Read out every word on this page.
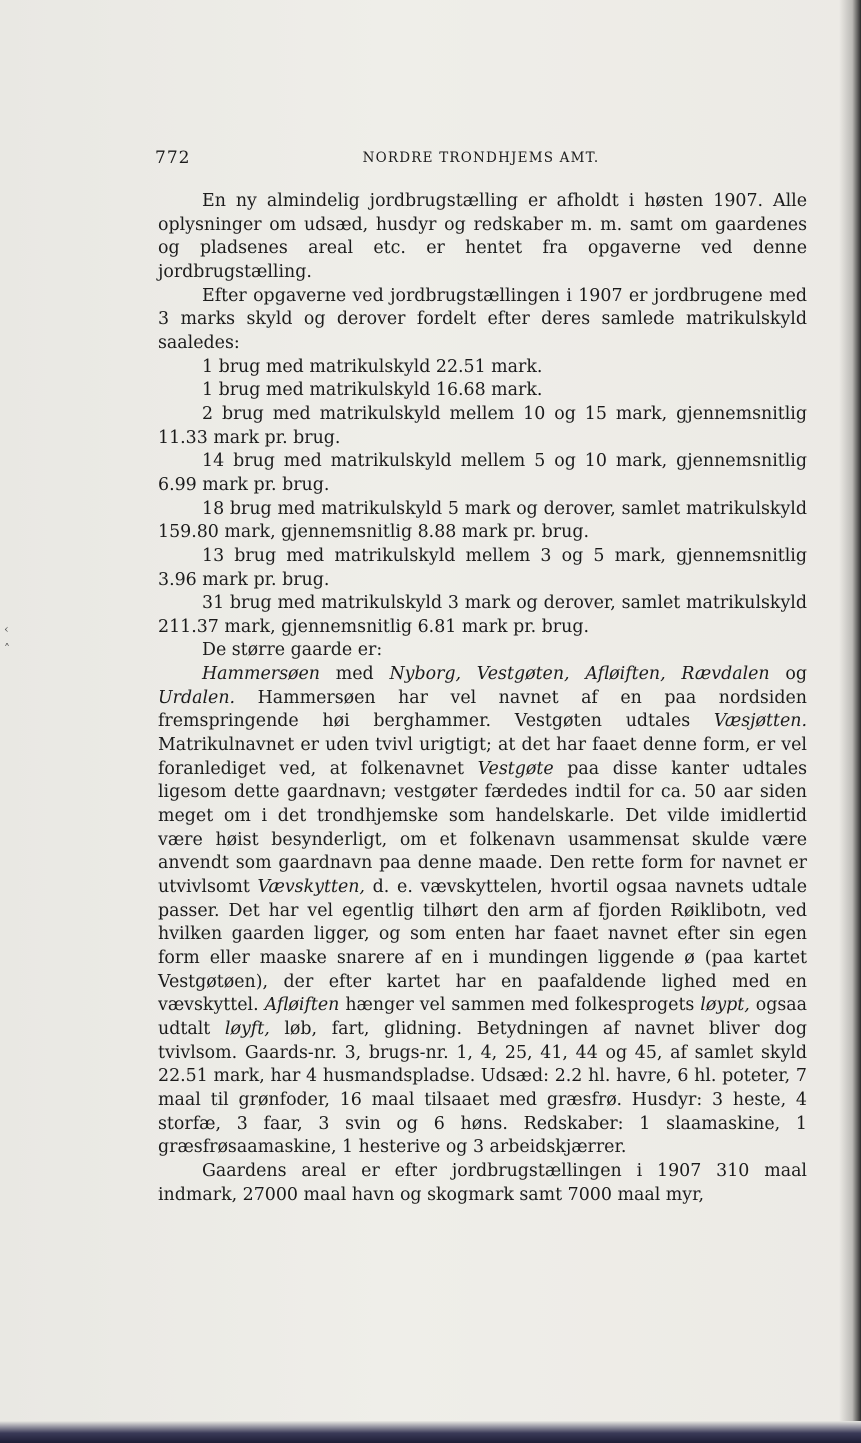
‹
˄
772	NORDRE TRONDHJEMS AMT.

En ny almindelig jordbrugstælling er afholdt i høsten 1907. Alle oplysninger om udsæd, husdyr og redskaber m. m. samt om gaardenes og pladsenes areal etc. er hentet fra opgaverne ved denne jordbrugstælling.

Efter opgaverne ved jordbrugstællingen i 1907 er jordbrugene med 3 marks skyld og derover fordelt efter deres samlede matrikulskyld saaledes:

1 brug med matrikulskyld 22.51 mark.

1 brug med matrikulskyld 16.68 mark.

2 brug med matrikulskyld mellem 10 og 15 mark, gjennemsnitlig 11.33 mark pr. brug.

14 brug med matrikulskyld mellem 5 og 10 mark, gjennemsnitlig 6.99 mark pr. brug.

18 brug med matrikulskyld 5 mark og derover, samlet matrikulskyld 159.80 mark, gjennemsnitlig 8.88 mark pr. brug.

13 brug med matrikulskyld mellem 3 og 5 mark, gjennemsnitlig 3.96 mark pr. brug.

31 brug med matrikulskyld 3 mark og derover, samlet matrikulskyld 211.37 mark, gjennemsnitlig 6.81 mark pr. brug.

De større gaarde er:

Hammersøen med Nyborg, Vestgøten, Afløiften, Rævdalen og Urdalen. Hammersøen har vel navnet af en paa nordsiden fremspringende høi berghammer. Vestgøten udtales Væsjøtten. Matrikulnavnet er uden tvivl urigtigt; at det har faaet denne form, er vel foranlediget ved, at folkenavnet Vestgøte paa disse kanter udtales ligesom dette gaardnavn; vestgøter færdedes indtil for ca. 50 aar siden meget om i det trondhjemske som handelskarle. Det vilde imidlertid være høist besynderligt, om et folkenavn usammensat skulde være anvendt som gaardnavn paa denne maade. Den rette form for navnet er utvivlsomt Vævskytten, d. e. vævskyttelen, hvortil ogsaa navnets udtale passer. Det har vel egentlig tilhørt den arm af fjorden Røiklibotn, ved hvilken gaarden ligger, og som enten har faaet navnet efter sin egen form eller maaske snarere af en i mundingen liggende ø (paa kartet Vestgøtøen), der efter kartet har en paafaldende lighed med en vævskyttel. Afløiften hænger vel sammen med folkesprogets løypt, ogsaa udtalt løyft, løb, fart, glidning. Betydningen af navnet bliver dog tvivlsom. Gaards-nr. 3, brugs-nr. 1, 4, 25, 41, 44 og 45, af samlet skyld 22.51 mark, har 4 husmandspladse. Udsæd: 2.2 hl. havre, 6 hl. poteter, 7 maal til grønfoder, 16 maal tilsaaet med græsfrø. Husdyr: 3 heste, 4 storfæ, 3 faar, 3 svin og 6 høns. Redskaber: 1 slaamaskine, 1 græsfrøsaamaskine, 1 hesterive og 3 arbeidskjærrer.

Gaardens areal er efter jordbrugstællingen i 1907 310 maal indmark, 27000 maal havn og skogmark samt 7000 maal myr,
